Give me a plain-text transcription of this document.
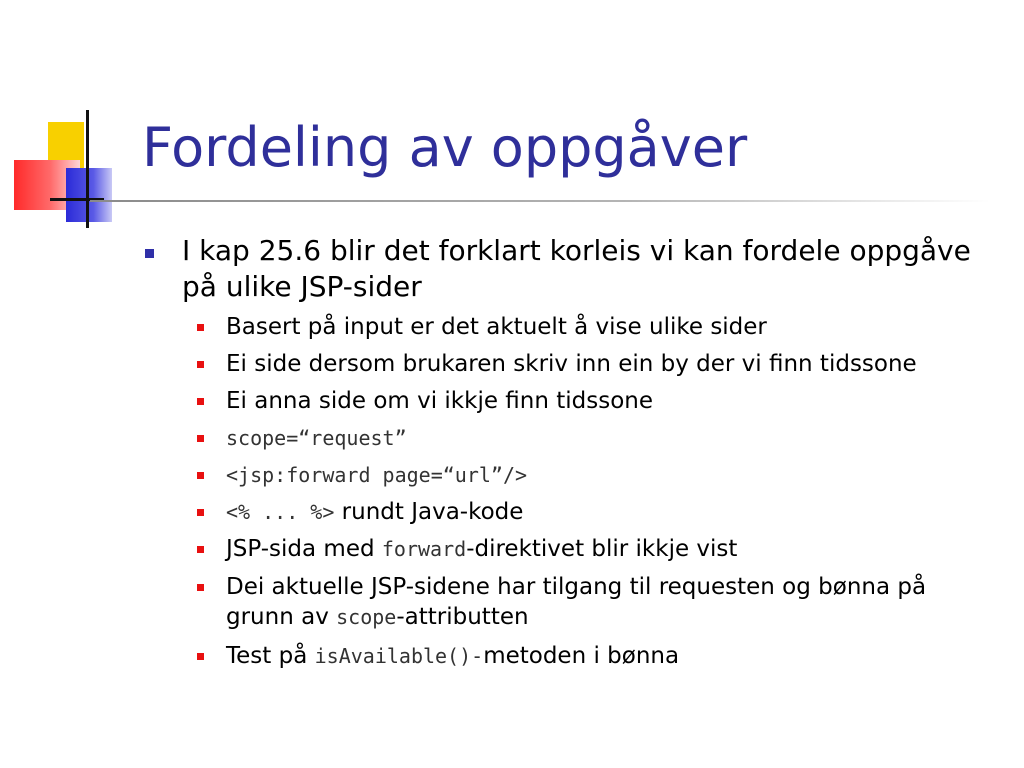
Fordeling av oppgåver
I kap 25.6 blir det forklart korleis vi kan fordele oppgåve på ulike JSP-sider
Basert på input er det aktuelt å vise ulike sider
Ei side dersom brukaren skriv inn ein by der vi finn tidssone
Ei anna side om vi ikkje finn tidssone
scope=“request”
<jsp:forward page=“url”/>
<% ... %> rundt Java-kode
JSP-sida med forward-direktivet blir ikkje vist
Dei aktuelle JSP-sidene har tilgang til requesten og bønna på grunn av scope-attributten
Test på isAvailable()-metoden i bønna
